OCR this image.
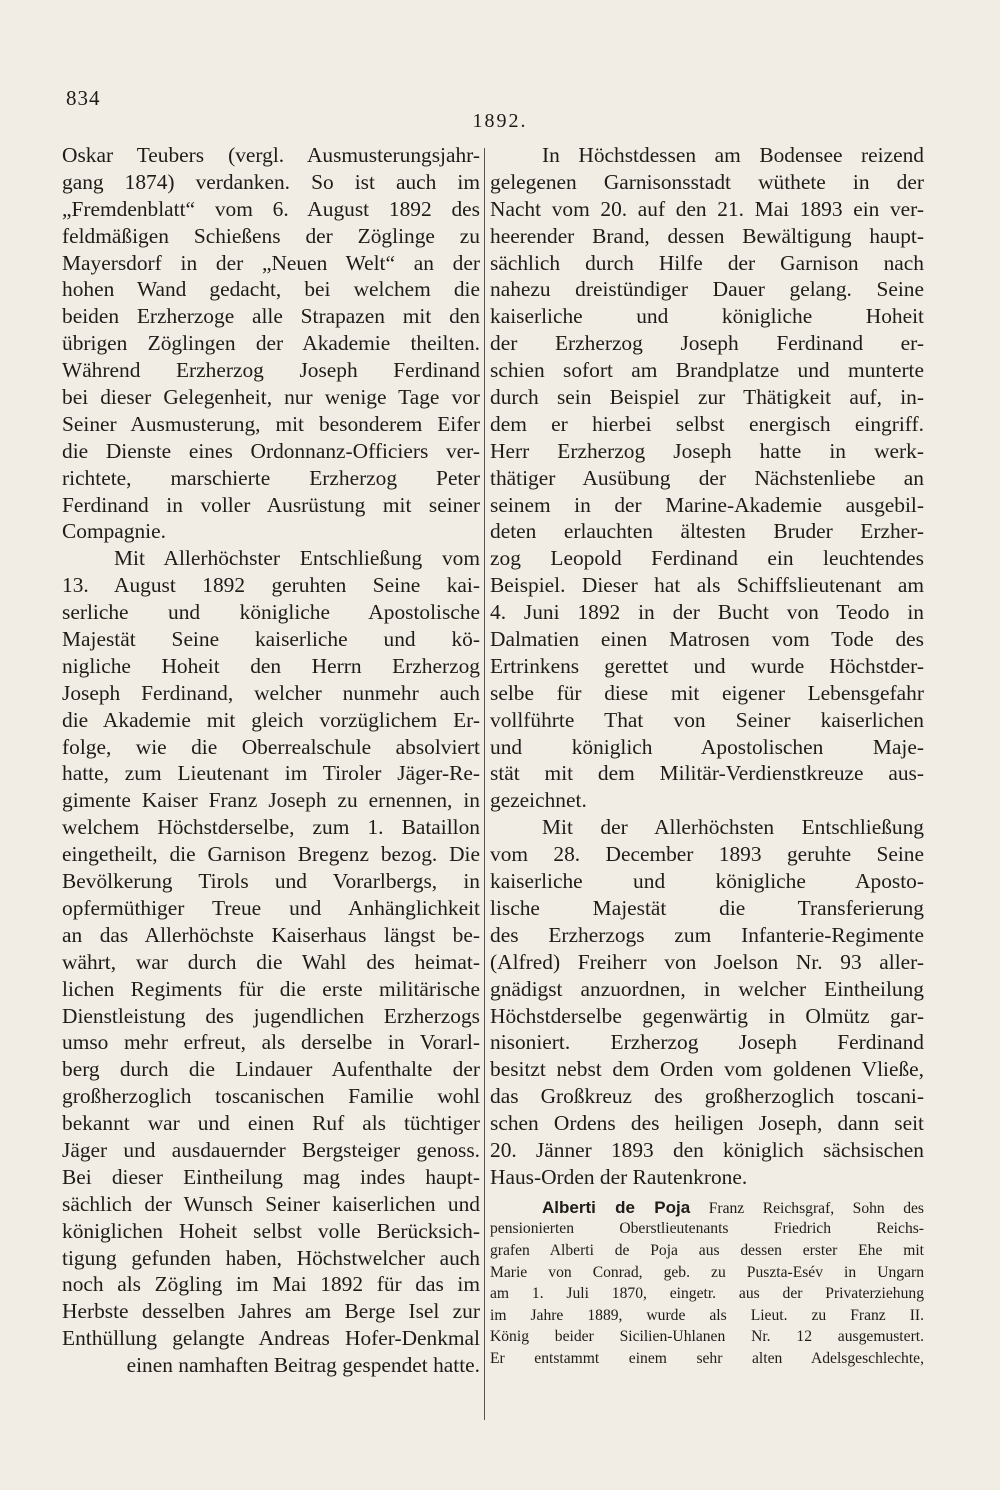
834
1892.
Oskar Teubers (vergl. Ausmusterungsjahr-
gang 1874) verdanken. So ist auch im
„Fremdenblatt“ vom 6. August 1892 des
feldmäßigen Schießens der Zöglinge zu
Mayersdorf in der „Neuen Welt“ an der
hohen Wand gedacht, bei welchem die
beiden Erzherzoge alle Strapazen mit den
übrigen Zöglingen der Akademie theilten.
Während Erzherzog Joseph Ferdinand
bei dieser Gelegenheit, nur wenige Tage vor
Seiner Ausmusterung, mit besonderem Eifer
die Dienste eines Ordonnanz-Officiers ver-
richtete, marschierte Erzherzog Peter
Ferdinand in voller Ausrüstung mit seiner
Compagnie.
Mit Allerhöchster Entschließung vom
13. August 1892 geruhten Seine kai-
serliche und königliche Apostolische
Majestät Seine kaiserliche und kö-
nigliche Hoheit den Herrn Erzherzog
Joseph Ferdinand, welcher nunmehr auch
die Akademie mit gleich vorzüglichem Er-
folge, wie die Oberrealschule absolviert
hatte, zum Lieutenant im Tiroler Jäger-Re-
gimente Kaiser Franz Joseph zu ernennen, in
welchem Höchstderselbe, zum 1. Bataillon
eingetheilt, die Garnison Bregenz bezog. Die
Bevölkerung Tirols und Vorarlbergs, in
opfermüthiger Treue und Anhänglichkeit
an das Allerhöchste Kaiserhaus längst be-
währt, war durch die Wahl des heimat-
lichen Regiments für die erste militärische
Dienstleistung des jugendlichen Erzherzogs
umso mehr erfreut, als derselbe in Vorarl-
berg durch die Lindauer Aufenthalte der
großherzoglich toscanischen Familie wohl
bekannt war und einen Ruf als tüchtiger
Jäger und ausdauernder Bergsteiger genoss.
Bei dieser Eintheilung mag indes haupt-
sächlich der Wunsch Seiner kaiserlichen und
königlichen Hoheit selbst volle Berücksich-
tigung gefunden haben, Höchstwelcher auch
noch als Zögling im Mai 1892 für das im
Herbste desselben Jahres am Berge Isel zur
Enthüllung gelangte Andreas Hofer-Denkmal
einen namhaften Beitrag gespendet hatte.
In Höchstdessen am Bodensee reizend
gelegenen Garnisonsstadt wüthete in der
Nacht vom 20. auf den 21. Mai 1893 ein ver-
heerender Brand, dessen Bewältigung haupt-
sächlich durch Hilfe der Garnison nach
nahezu dreistündiger Dauer gelang. Seine
kaiserliche und königliche Hoheit
der Erzherzog Joseph Ferdinand er-
schien sofort am Brandplatze und munterte
durch sein Beispiel zur Thätigkeit auf, in-
dem er hierbei selbst energisch eingriff.
Herr Erzherzog Joseph hatte in werk-
thätiger Ausübung der Nächstenliebe an
seinem in der Marine-Akademie ausgebil-
deten erlauchten ältesten Bruder Erzher-
zog Leopold Ferdinand ein leuchtendes
Beispiel. Dieser hat als Schiffslieutenant am
4. Juni 1892 in der Bucht von Teodo in
Dalmatien einen Matrosen vom Tode des
Ertrinkens gerettet und wurde Höchstder-
selbe für diese mit eigener Lebensgefahr
vollführte That von Seiner kaiserlichen
und königlich Apostolischen Maje-
stät mit dem Militär-Verdienstkreuze aus-
gezeichnet.
Mit der Allerhöchsten Entschließung
vom 28. December 1893 geruhte Seine
kaiserliche und königliche Aposto-
lische Majestät die Transferierung
des Erzherzogs zum Infanterie-Regimente
(Alfred) Freiherr von Joelson Nr. 93 aller-
gnädigst anzuordnen, in welcher Eintheilung
Höchstderselbe gegenwärtig in Olmütz gar-
nisoniert. Erzherzog Joseph Ferdinand
besitzt nebst dem Orden vom goldenen Vließe,
das Großkreuz des großherzoglich toscani-
schen Ordens des heiligen Joseph, dann seit
20. Jänner 1893 den königlich sächsischen
Haus-Orden der Rautenkrone.
Alberti de Poja Franz Reichsgraf, Sohn des
pensionierten Oberstlieutenants Friedrich Reichs-
grafen Alberti de Poja aus dessen erster Ehe mit
Marie von Conrad, geb. zu Puszta-Esév in Ungarn
am 1. Juli 1870, eingetr. aus der Privaterziehung
im Jahre 1889, wurde als Lieut. zu Franz II.
König beider Sicilien-Uhlanen Nr. 12 ausgemustert.
Er entstammt einem sehr alten Adelsgeschlechte,
